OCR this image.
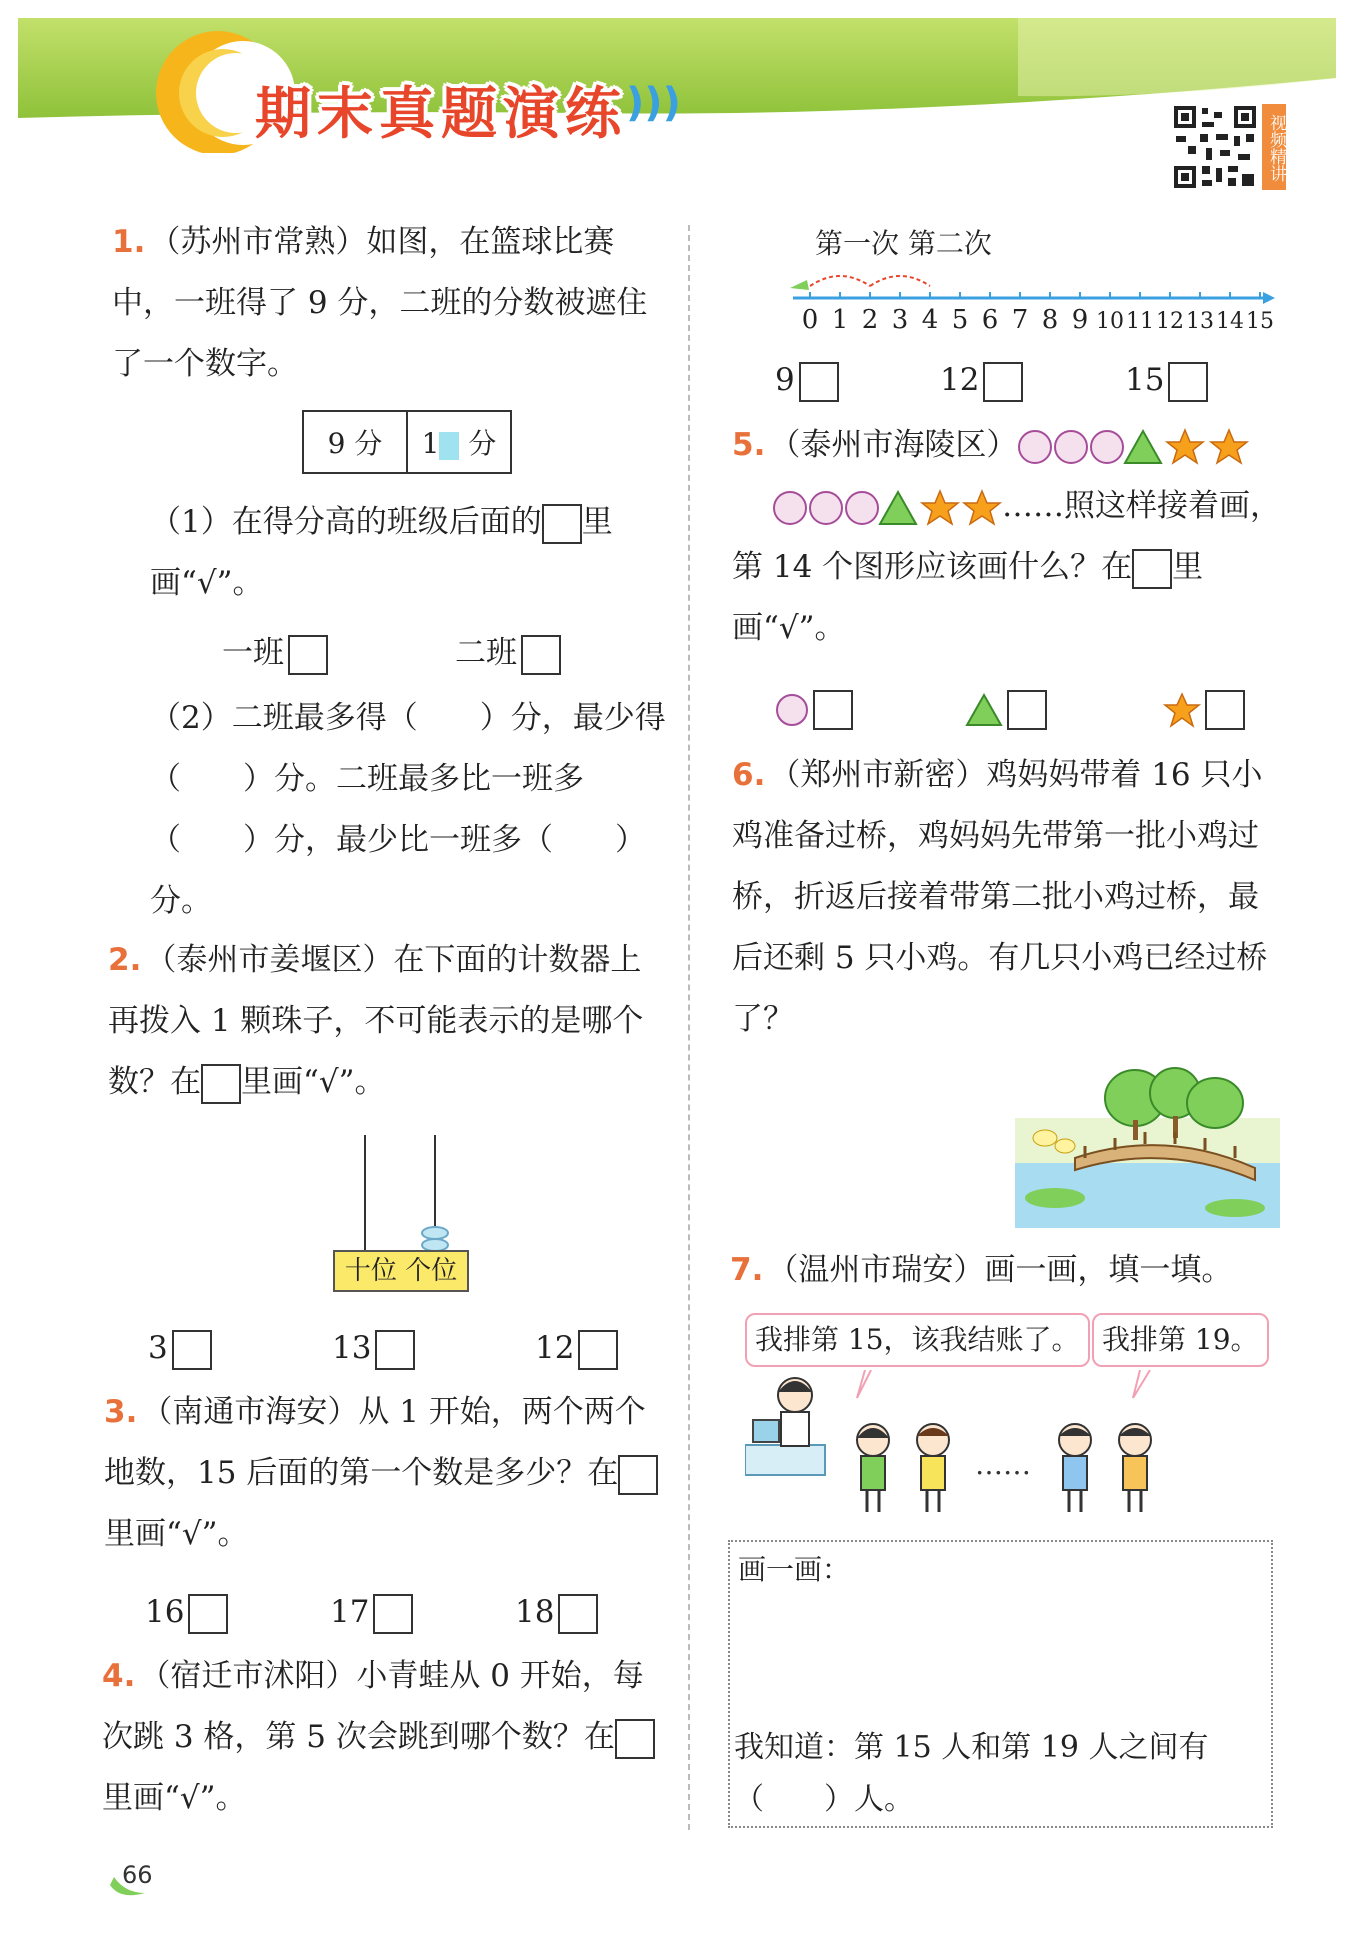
)))
期末真题演练	视频精讲
1. （苏州市常熟）如图，在篮球比赛中，一班得了 9 分，二班的分数被遮住了一个数字。
9 分	1 分
（1）在得分高的班级后面的 里画“√”。
一班	二班
（2）二班最多得（　　）分，最少得（　　）分。二班最多比一班多（　　）分，最少比一班多（　　）分。
2. （泰州市姜堰区）在下面的计数器上再拨入 1 颗珠子，不可能表示的是哪个数？在 里画“√”。
十位 个位
3	13	12
3. （南通市海安）从 1 开始，两个两个地数，15 后面的第一个数是多少？在里画“√”。
16	17	18
4. （宿迁市沭阳）小青蛙从 0 开始，每次跳 3 格，第 5 次会跳到哪个数？在里画“√”。
第一次 第二次
0 1 2 3 4 5 6 7 8 9 10 11 12 13 14 15
9	12	15
5. （泰州市海陵区）
……照这样接着画，第 14 个图形应该画什么？在 里画“√”。
6. （郑州市新密）鸡妈妈带着 16 只小鸡准备过桥，鸡妈妈先带第一批小鸡过桥，折返后接着带第二批小鸡过桥，最后还剩 5 只小鸡。有几只小鸡已经过桥了？
7. （温州市瑞安）画一画，填一填。
我排第 15，该我结账了。 我排第 19。
……
画一画：
我知道：第 15 人和第 19 人之间有
（　　）人。
66
